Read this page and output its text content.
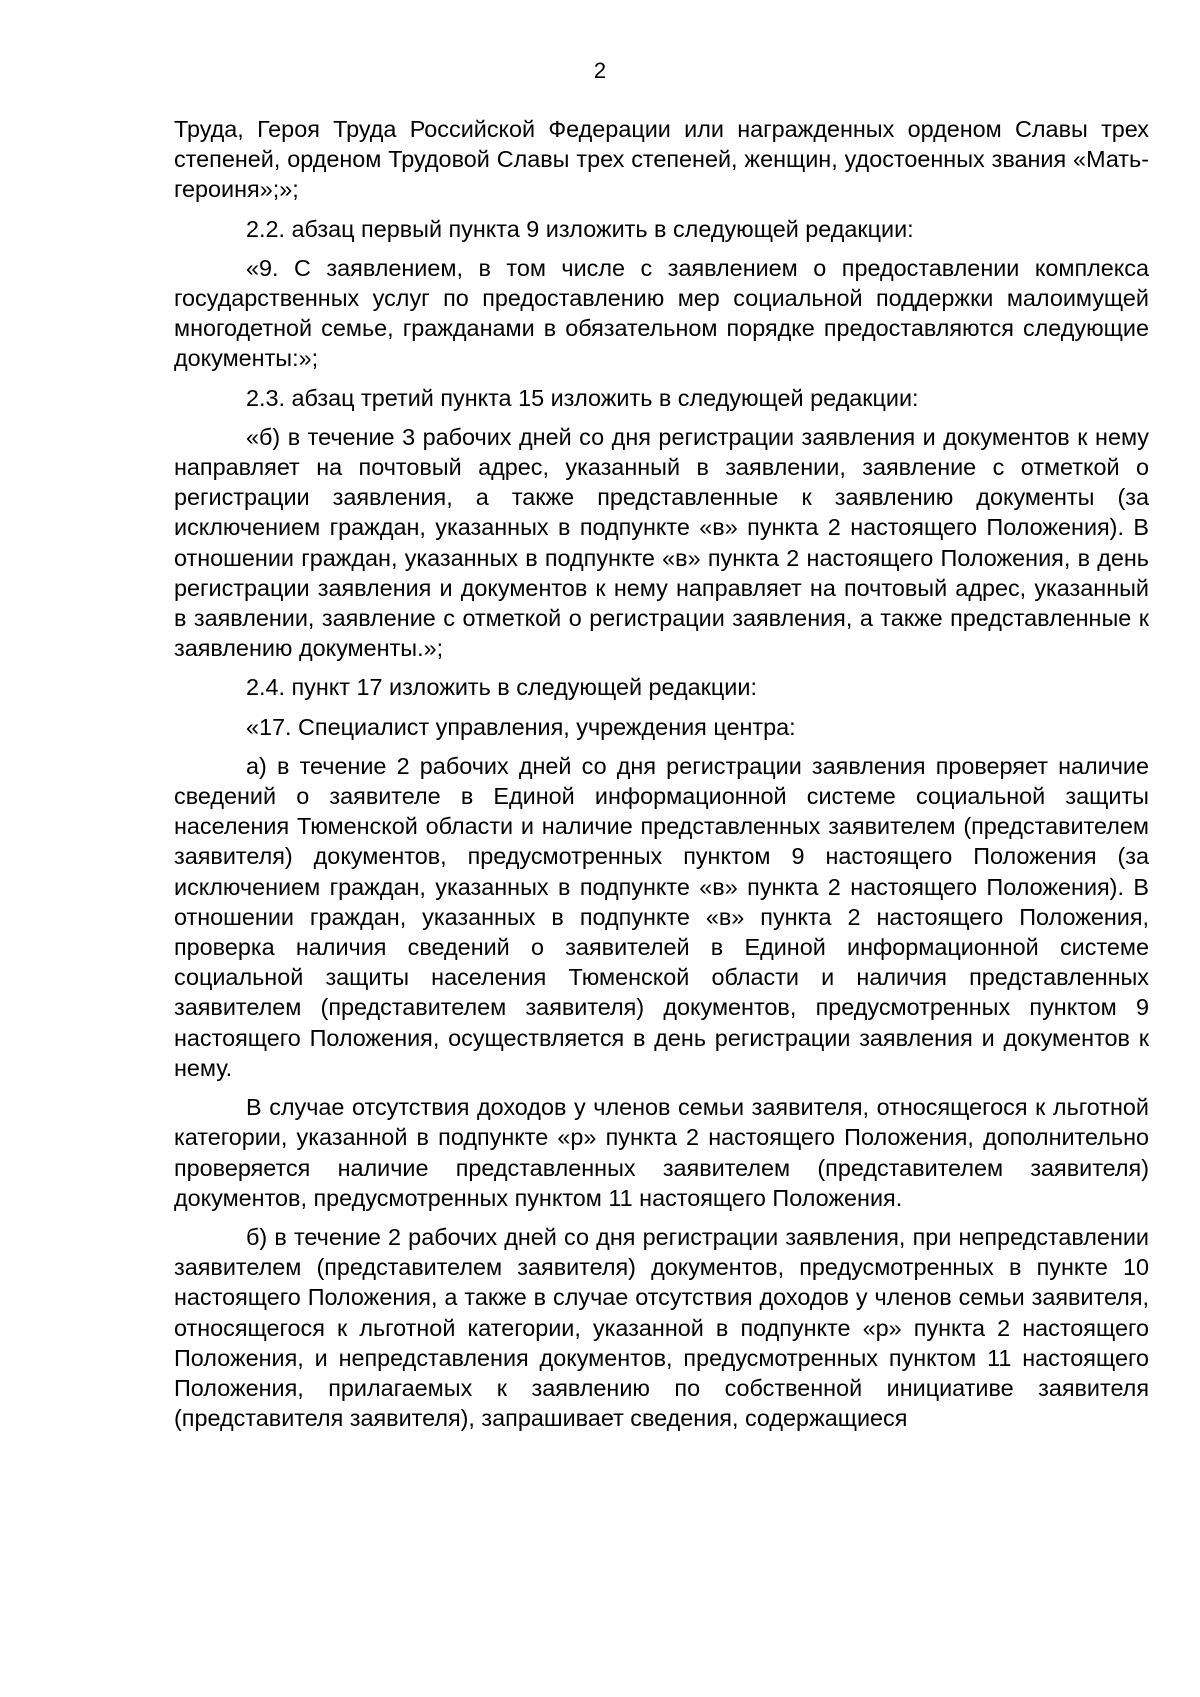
2

Труда, Героя Труда Российской Федерации или награжденных орденом Славы трех степеней, орденом Трудовой Славы трех степеней, женщин, удостоенных звания «Мать-героиня»;»;

2.2. абзац первый пункта 9 изложить в следующей редакции:

«9. С заявлением, в том числе с заявлением о предоставлении комплекса государственных услуг по предоставлению мер социальной поддержки малоимущей многодетной семье, гражданами в обязательном порядке предоставляются следующие документы:»;

2.3. абзац третий пункта 15 изложить в следующей редакции:

«б) в течение 3 рабочих дней со дня регистрации заявления и документов к нему направляет на почтовый адрес, указанный в заявлении, заявление с отметкой о регистрации заявления, а также представленные к заявлению документы (за исключением граждан, указанных в подпункте «в» пункта 2 настоящего Положения). В отношении граждан, указанных в подпункте «в» пункта 2 настоящего Положения, в день регистрации заявления и документов к нему направляет на почтовый адрес, указанный в заявлении, заявление с отметкой о регистрации заявления, а также представленные к заявлению документы.»;

2.4. пункт 17 изложить в следующей редакции:

«17. Специалист управления, учреждения центра:

а) в течение 2 рабочих дней со дня регистрации заявления проверяет наличие сведений о заявителе в Единой информационной системе социальной защиты населения Тюменской области и наличие представленных заявителем (представителем заявителя) документов, предусмотренных пунктом 9 настоящего Положения (за исключением граждан, указанных в подпункте «в» пункта 2 настоящего Положения). В отношении граждан, указанных в подпункте «в» пункта 2 настоящего Положения, проверка наличия сведений о заявителей в Единой информационной системе социальной защиты населения Тюменской области и наличия представленных заявителем (представителем заявителя) документов, предусмотренных пунктом 9 настоящего Положения, осуществляется в день регистрации заявления и документов к нему.

В случае отсутствия доходов у членов семьи заявителя, относящегося к льготной категории, указанной в подпункте «р» пункта 2 настоящего Положения, дополнительно проверяется наличие представленных заявителем (представителем заявителя) документов, предусмотренных пунктом 11 настоящего Положения.

б) в течение 2 рабочих дней со дня регистрации заявления, при непредставлении заявителем (представителем заявителя) документов, предусмотренных в пункте 10 настоящего Положения, а также в случае отсутствия доходов у членов семьи заявителя, относящегося к льготной категории, указанной в подпункте «р» пункта 2 настоящего Положения, и непредставления документов, предусмотренных пунктом 11 настоящего Положения, прилагаемых к заявлению по собственной инициативе заявителя (представителя заявителя), запрашивает сведения, содержащиеся
